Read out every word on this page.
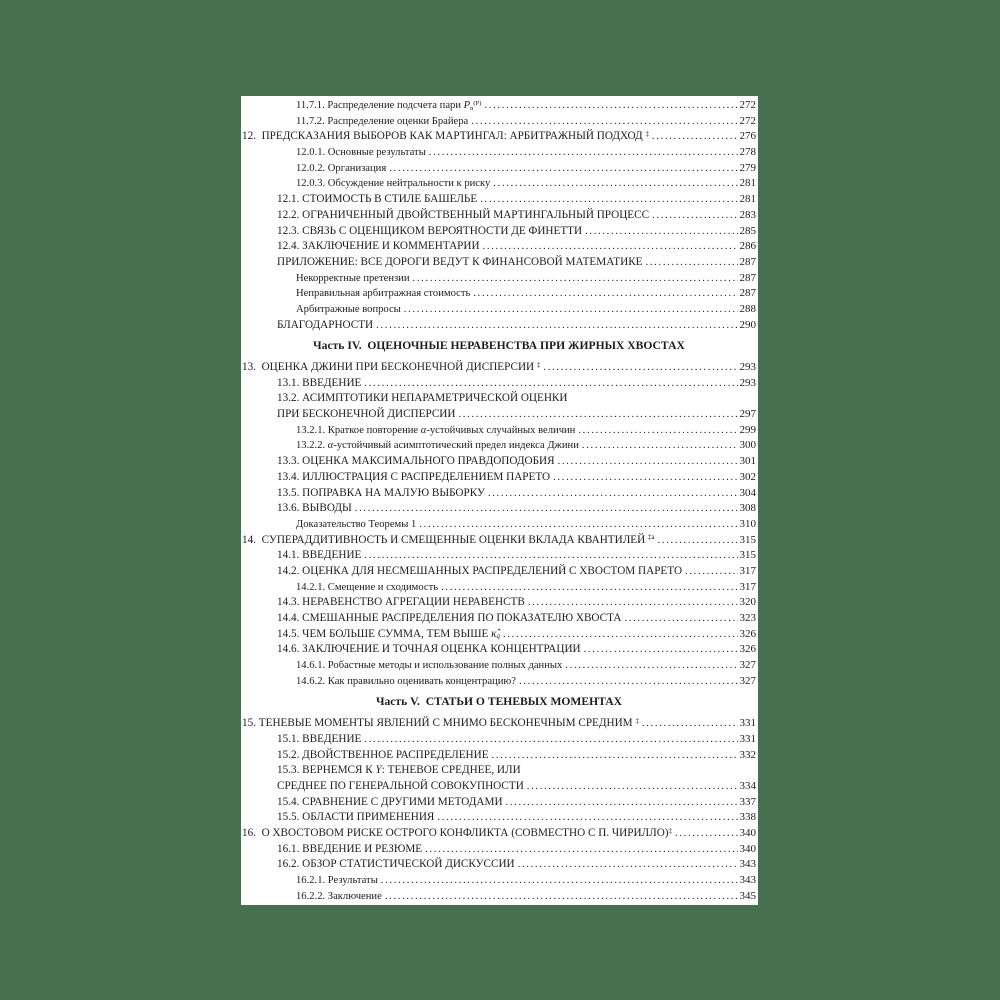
11.7.1. Распределение подсчета пари $P_n^{(P)}$ .....	272
11.7.2. Распределение оценки Брайера .....	272
12. ПРЕДСКАЗАНИЯ ВЫБОРОВ КАК МАРТИНГАЛ: АРБИТРАЖНЫЙ ПОДХОД ‡ .....	276
12.0.1. Основные результаты .....	278
12.0.2. Организация .....	279
12.0.3. Обсуждение нейтральности к риску .....	281
12.1. СТОИМОСТЬ В СТИЛЕ БАШЕЛЬЕ .....	281
12.2. ОГРАНИЧЕННЫЙ ДВОЙСТВЕННЫЙ МАРТИНГАЛЬНЫЙ ПРОЦЕСС .....	283
12.3. СВЯЗЬ С ОЦЕНЩИКОМ ВЕРОЯТНОСТИ ДЕ ФИНЕТТИ .....	285
12.4. ЗАКЛЮЧЕНИЕ И КОММЕНТАРИИ .....	286
ПРИЛОЖЕНИЕ: ВСЕ ДОРОГИ ВЕДУТ К ФИНАНСОВОЙ МАТЕМАТИКЕ .....	287
Некорректные претензии .....	287
Неправильная арбитражная стоимость .....	287
Арбитражные вопросы .....	288
БЛАГОДАРНОСТИ .....	290
Часть IV. ОЦЕНОЧНЫЕ НЕРАВЕНСТВА ПРИ ЖИРНЫХ ХВОСТАХ
13. ОЦЕНКА ДЖИНИ ПРИ БЕСКОНЕЧНОЙ ДИСПЕРСИИ ‡ .....	293
13.1. ВВЕДЕНИЕ .....	293
13.2. АСИМПТОТИКИ НЕПАРАМЕТРИЧЕСКОЙ ОЦЕНКИ
ПРИ БЕСКОНЕЧНОЙ ДИСПЕРСИИ .....	297
13.2.1. Краткое повторение α-устойчивых случайных величин .....	299
13.2.2. α-устойчивый асимптотический предел индекса Джини .....	300
13.3. ОЦЕНКА МАКСИМАЛЬНОГО ПРАВДОПОДОБИЯ .....	301
13.4. ИЛЛЮСТРАЦИЯ С РАСПРЕДЕЛЕНИЕМ ПАРЕТО .....	302
13.5. ПОПРАВКА НА МАЛУЮ ВЫБОРКУ .....	304
13.6. ВЫВОДЫ .....	308
Доказательство Теоремы 1 .....	310
14. СУПЕРАДДИТИВНОСТЬ И СМЕЩЕННЫЕ ОЦЕНКИ ВКЛАДА КВАНТИЛЕЙ $^{\ddagger a}$ .....	315
14.1. ВВЕДЕНИЕ .....	315
14.2. ОЦЕНКА ДЛЯ НЕСМЕШАННЫХ РАСПРЕДЕЛЕНИЙ С ХВОСТОМ ПАРЕТО .....	317
14.2.1. Смещение и сходимость .....	317
14.3. НЕРАВЕНСТВО АГРЕГАЦИИ НЕРАВЕНСТВ .....	320
14.4. СМЕШАННЫЕ РАСПРЕДЕЛЕНИЯ ПО ПОКАЗАТЕЛЮ ХВОСТА .....	323
14.5. ЧЕМ БОЛЬШЕ СУММА, ТЕМ ВЫШЕ $\kappâ_q$ .....	326
14.6. ЗАКЛЮЧЕНИЕ И ТОЧНАЯ ОЦЕНКА КОНЦЕНТРАЦИИ .....	326
14.6.1. Робастные методы и использование полных данных .....	327
14.6.2. Как правильно оценивать концентрацию? .....	327
Часть V. СТАТЬИ О ТЕНЕВЫХ МОМЕНТАХ
15. ТЕНЕВЫЕ МОМЕНТЫ ЯВЛЕНИЙ С МНИМО БЕСКОНЕЧНЫМ СРЕДНИМ ‡ .....	331
15.1. ВВЕДЕНИЕ .....	331
15.2. ДВОЙСТВЕННОЕ РАСПРЕДЕЛЕНИЕ .....	332
15.3. ВЕРНЕМСЯ К Y: ТЕНЕВОЕ СРЕДНЕЕ, ИЛИ
СРЕДНЕЕ ПО ГЕНЕРАЛЬНОЙ СОВОКУПНОСТИ .....	334
15.4. СРАВНЕНИЕ С ДРУГИМИ МЕТОДАМИ .....	337
15.5. ОБЛАСТИ ПРИМЕНЕНИЯ .....	338
16. О ХВОСТОВОМ РИСКЕ ОСТРОГО КОНФЛИКТА (СОВМЕСТНО С П. ЧИРИЛЛО)‡ .....	340
16.1. ВВЕДЕНИЕ И РЕЗЮМЕ .....	340
16.2. ОБЗОР СТАТИСТИЧЕСКОЙ ДИСКУССИИ .....	343
16.2.1. Результаты .....	343
16.2.2. Заключение .....	345
